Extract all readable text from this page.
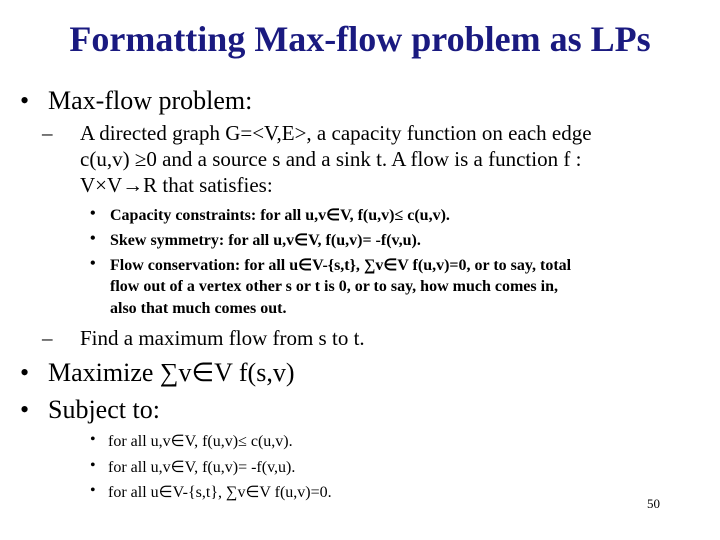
Formatting Max-flow problem as LPs
• Max-flow problem:
– A directed graph G=<V,E>, a capacity function on each edge
c(u,v) ≥0 and a source s and a sink t. A flow is a function f :
V×V→R that satisfies:
• Capacity constraints: for all u,v∈V, f(u,v)≤ c(u,v).
• Skew symmetry: for all u,v∈V, f(u,v)= -f(v,u).
• Flow conservation: for all u∈V-{s,t}, ∑v∈V f(u,v)=0, or to say, total
flow out of a vertex other s or t is 0, or to say, how much comes in,
also that much comes out.
– Find a maximum flow from s to t.
• Maximize ∑v∈V f(s,v)
• Subject to:
• for all u,v∈V, f(u,v)≤ c(u,v).
• for all u,v∈V, f(u,v)= -f(v,u).
• for all u∈V-{s,t}, ∑v∈V f(u,v)=0.
50
